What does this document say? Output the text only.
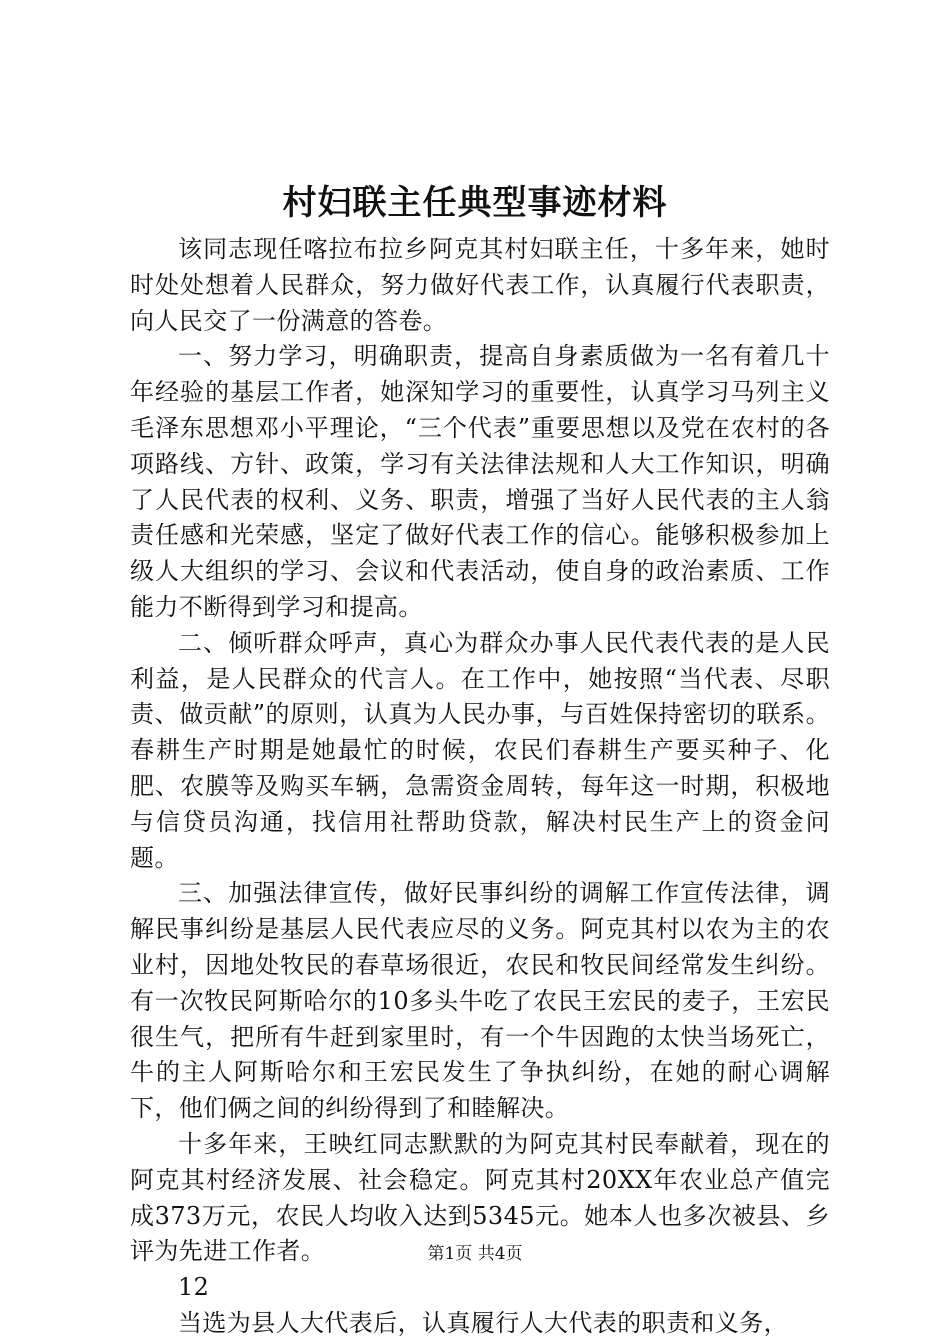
村妇联主任典型事迹材料

该同志现任喀拉布拉乡阿克其村妇联主任，十多年来，她时时处处想着人民群众，努力做好代表工作，认真履行代表职责，向人民交了一份满意的答卷。

一、努力学习，明确职责，提高自身素质做为一名有着几十年经验的基层工作者，她深知学习的重要性，认真学习马列主义毛泽东思想邓小平理论，“三个代表”重要思想以及党在农村的各项路线、方针、政策，学习有关法律法规和人大工作知识，明确了人民代表的权利、义务、职责，增强了当好人民代表的主人翁责任感和光荣感，坚定了做好代表工作的信心。能够积极参加上级人大组织的学习、会议和代表活动，使自身的政治素质、工作能力不断得到学习和提高。

二、倾听群众呼声，真心为群众办事人民代表代表的是人民利益，是人民群众的代言人。在工作中，她按照“当代表、尽职责、做贡献”的原则，认真为人民办事，与百姓保持密切的联系。春耕生产时期是她最忙的时候，农民们春耕生产要买种子、化肥、农膜等及购买车辆，急需资金周转，每年这一时期，积极地与信贷员沟通，找信用社帮助贷款，解决村民生产上的资金问题。

三、加强法律宣传，做好民事纠纷的调解工作宣传法律，调解民事纠纷是基层人民代表应尽的义务。阿克其村以农为主的农业村，因地处牧民的春草场很近，农民和牧民间经常发生纠纷。有一次牧民阿斯哈尔的10多头牛吃了农民王宏民的麦子，王宏民很生气，把所有牛赶到家里时，有一个牛因跑的太快当场死亡，牛的主人阿斯哈尔和王宏民发生了争执纠纷，在她的耐心调解下，他们俩之间的纠纷得到了和睦解决。

十多年来，王映红同志默默的为阿克其村民奉献着，现在的阿克其村经济发展、社会稳定。阿克其村20XX年农业总产值完成373万元，农民人均收入达到5345元。她本人也多次被县、乡评为先进工作者。

12

当选为县人大代表后，认真履行人大代表的职责和义务，

第1页 共4页
